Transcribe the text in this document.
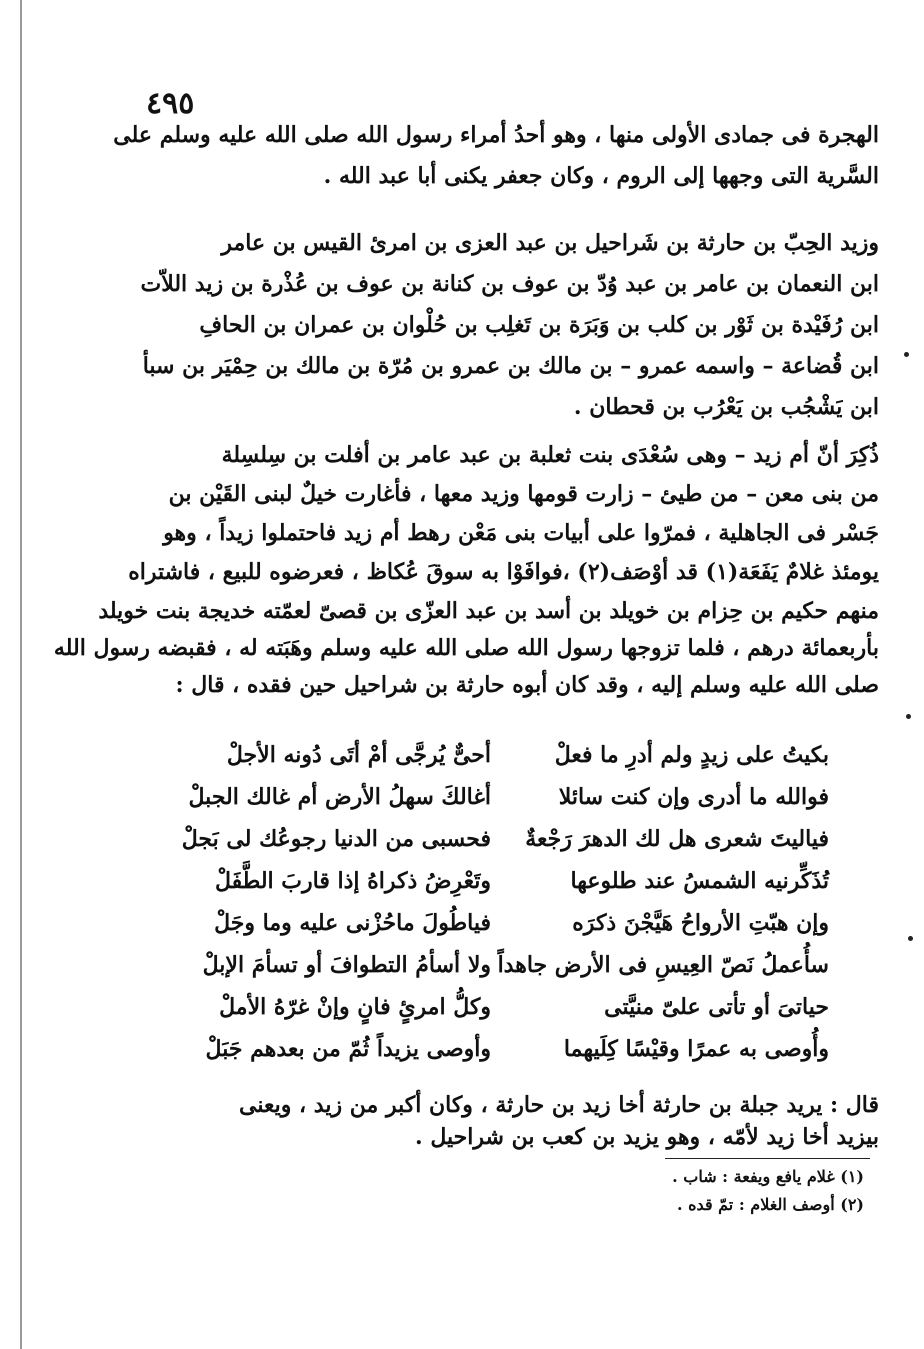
٤٩٥
الهجرة فى جمادى الأولى منها ، وهو أحدُ أمراء رسول الله صلى الله عليه وسلم على
السَّرية التى وجهها إلى الروم ، وكان جعفر يكنى أبا عبد الله .
وزيد الحِبّ بن حارثة بن شَراحيل بن عبد العزى بن امرئ القيس بن عامر
ابن النعمان بن عامر بن عبد وُدّ بن عوف بن كنانة بن عوف بن عُذْرة بن زيد اللاّت
ابن رُفَيْدة بن ثَوْر بن كلب بن وَبَرَة بن تَغلِب بن حُلْوان بن عمران بن الحافِ
ابن قُضاعة – واسمه عمرو – بن مالك بن عمرو بن مُرّة بن مالك بن حِمْيَر بن سبأ
ابن يَشْجُب بن يَعْرُب بن قحطان .
ذُكِرَ أنّ أم زيد – وهى سُعْدَى بنت ثعلبة بن عبد عامر بن أفلت بن سِلسِلة
من بنى معن – من طيئ – زارت قومها وزيد معها ، فأغارت خيلٌ لبنى القَيْن بن
جَسْر فى الجاهلية ، فمرّوا على أبيات بنى مَعْن رهط أم زيد فاحتملوا زيداً ، وهو
يومئذ غلامٌ يَفَعَة(١) قد أوْصَف(٢) ،فوافَوْا به سوقَ عُكاظ ، فعرضوه للبيع ، فاشتراه
منهم حكيم بن حِزام بن خويلد بن أسد بن عبد العزّى بن قصىّ لعمّته خديجة بنت خويلد
بأربعمائة درهم ، فلما تزوجها رسول الله صلى الله عليه وسلم وهَبَته له ، فقبضه رسول الله
صلى الله عليه وسلم إليه ، وقد كان أبوه حارثة بن شراحيل حين فقده ، قال :
بكيتُ على زيدٍ ولم أدرِ ما فعلْ
أحىٌّ يُرجَّى أمْ أتَى دُونه الأجلْ
فوالله ما أدرى وإن كنت سائلا
أغالكَ سهلُ الأرض أم غالك الجبلْ
فياليتَ شعرى هل لك الدهرَ رَجْعةٌ
فحسبى من الدنيا رجوعُك لى بَجلْ
تُذَكِّرنيه الشمسُ عند طلوعها
وتَعْرِضُ ذكراهُ إذا قاربَ الطَّفَلْ
وإن هبّتِ الأرواحُ هَيَّجْنَ ذكرَه
فياطُولَ ماحُزْنى عليه وما وجَلْ
سأُعملُ نَصّ العِيسِ فى الأرض جاهداً
ولا أسأمُ التطوافَ أو تسأمَ الإبلْ
حياتىَ أو تأتى علىّ منيَّتى
وكلُّ امرئٍ فانٍ وإنْ غرّهُ الأملْ
وأُوصى به عمرًا وقيْسًا كِلَيهما
وأوصى يزيداً ثُمّ من بعدهم جَبَلْ
قال : يريد جبلة بن حارثة أخا زيد بن حارثة ، وكان أكبر من زيد ، ويعنى
بيزيد أخا زيد لأمّه ، وهو يزيد بن كعب بن شراحيل .
(١) غلام يافع ويفعة : شاب .
(٢) أوصف الغلام : تمّ قده .
